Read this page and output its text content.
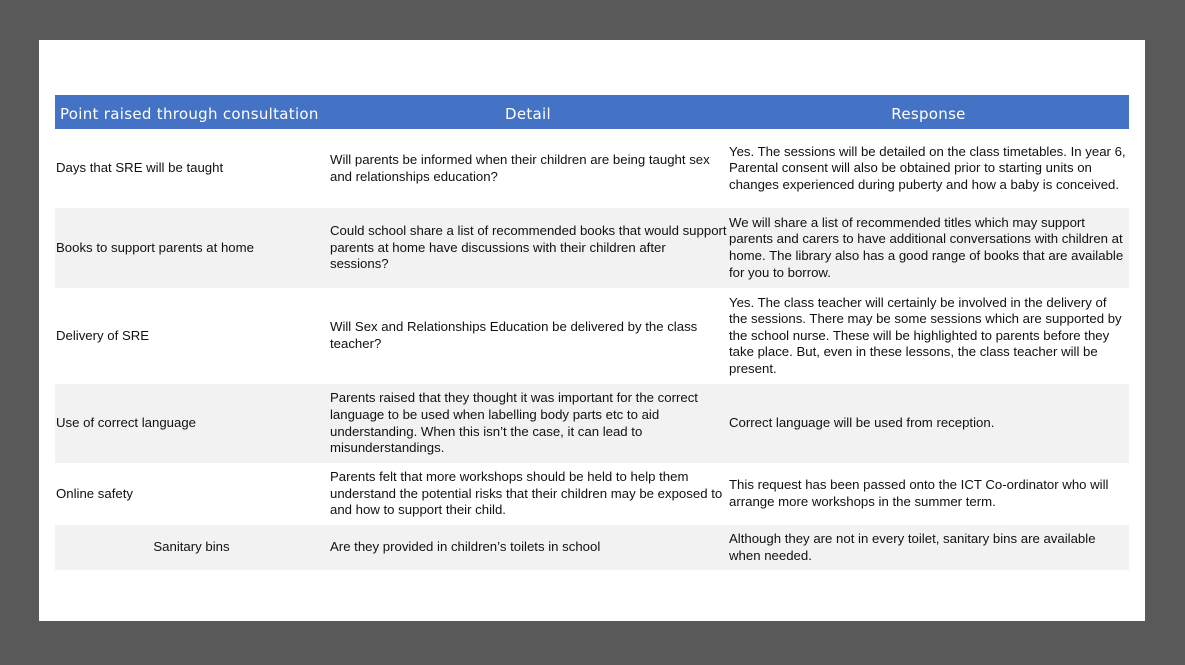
Point raised through consultation	Detail	Response
Days that SRE will be taught	Will parents be informed when their children are being taught sex and relationships education?	Yes. The sessions will be detailed on the class timetables. In year 6, Parental consent will also be obtained prior to starting units on changes experienced during puberty and how a baby is conceived.
Books to support parents at home	Could school share a list of recommended books that would support parents at home have discussions with their children after sessions?	We will share a list of recommended titles which may support parents and carers to have additional conversations with children at home. The library also has a good range of books that are available for you to borrow.
Delivery of SRE	Will Sex and Relationships Education be delivered by the class teacher?	Yes. The class teacher will certainly be involved in the delivery of the sessions. There may be some sessions which are supported by the school nurse. These will be highlighted to parents before they take place. But, even in these lessons, the class teacher will be present.
Use of correct language	Parents raised that they thought it was important for the correct language to be used when labelling body parts etc to aid understanding. When this isn’t the case, it can lead to misunderstandings.	Correct language will be used from reception.
Online safety	Parents felt that more workshops should be held to help them understand the potential risks that their children may be exposed to and how to support their child.	This request has been passed onto the ICT Co-ordinator who will arrange more workshops in the summer term.
Sanitary bins	Are they provided in children’s toilets in school	Although they are not in every toilet, sanitary bins are available when needed.
